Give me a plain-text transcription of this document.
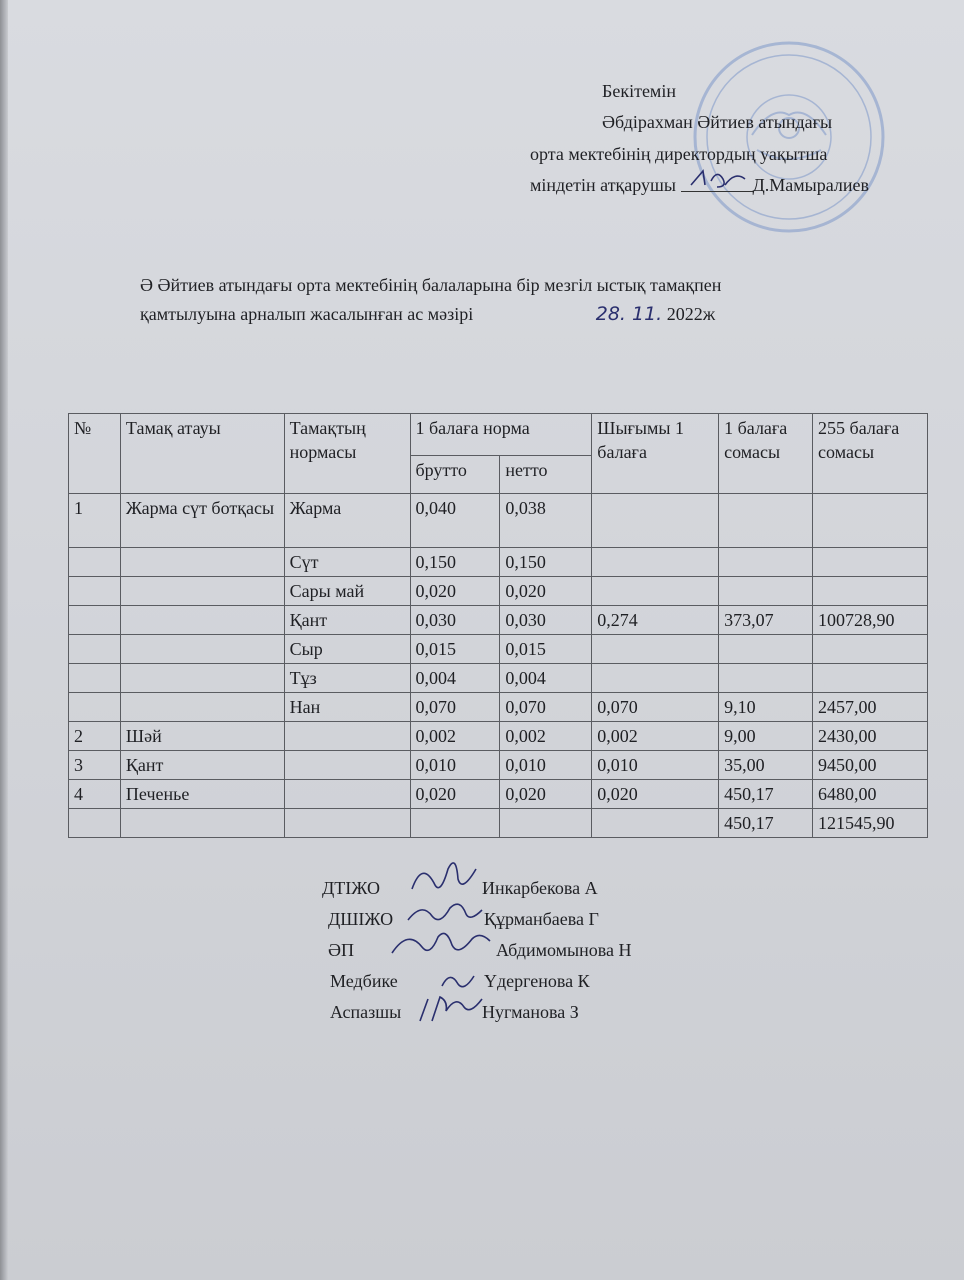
Бекітемін
Әбдірахман Әйтиев атындағы
орта мектебінің директордың уақытша
міндетін атқарушы	Д.Мамыралиев
Ә Әйтиев атындағы орта мектебінің балаларына бір мезгіл ыстық тамақпен
қамтылуына арналып жасалынған ас мәзірі	28. 11. 2022ж
№	Тамақ атауы	Тамақтың нормасы	1 балаға норма		Шығымы 1 балаға	1 балаға сомасы	255 балаға сомасы
			брутто	нетто			
1	Жарма сүт ботқасы	Жарма	0,040	0,038			
		Сүт	0,150	0,150			
		Сары май	0,020	0,020			
		Қант	0,030	0,030	0,274	373,07	100728,90
		Сыр	0,015	0,015			
		Тұз	0,004	0,004			
		Нан	0,070	0,070	0,070	9,10	2457,00
2	Шәй		0,002	0,002	0,002	9,00	2430,00
3	Қант		0,010	0,010	0,010	35,00	9450,00
4	Печенье		0,020	0,020	0,020	450,17	6480,00
						450,17	121545,90
ДТІЖО	Инкарбекова А
ДШІЖО	Құрманбаева Г
ӘП	Абдимомынова Н
Медбике	Үдергенова К
Аспазшы	Нугманова З
